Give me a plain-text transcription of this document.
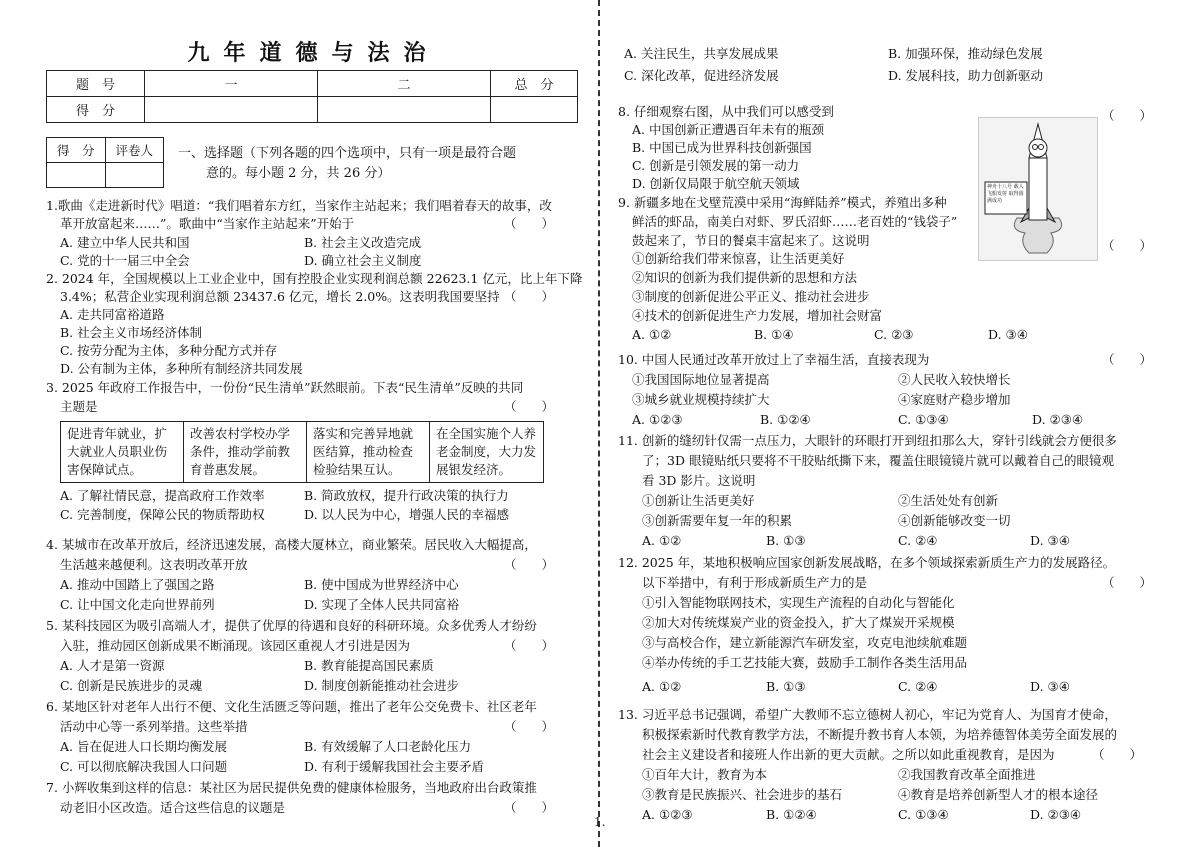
九年道德与法治
题　号	一	二	总　分
得　分			
得　分	评卷人
	一、选择题（下列各题的四个选项中，只有一项是最符合题
意的。每小题 2 分，共 26 分）
1.歌曲《走进新时代》唱道：“我们唱着东方红，当家作主站起来；我们唱着春天的故事，改
革开放富起来……”。歌曲中“当家作主站起来”开始于	（　　）
A. 建立中华人民共和国	B. 社会主义改造完成
C. 党的十一届三中全会	D. 确立社会主义制度
2. 2024 年，全国规模以上工业企业中，国有控股企业实现利润总额 22623.1 亿元，比上年下降
3.4%；私营企业实现利润总额 23437.6 亿元，增长 2.0%。这表明我国要坚持 （　　）
A. 走共同富裕道路
B. 社会主义市场经济体制
C. 按劳分配为主体，多种分配方式并存
D. 公有制为主体，多种所有制经济共同发展
3. 2025 年政府工作报告中，一份份“民生清单”跃然眼前。下表“民生清单”反映的共同
主题是	（　　）
促进青年就业，扩大就业人员职业伤害保障试点。	改善农村学校办学条件，推动学前教育普惠发展。	落实和完善异地就医结算，推动检查检验结果互认。	在全国实施个人养老金制度，大力发展银发经济。
A. 了解社情民意，提高政府工作效率	B. 简政放权，提升行政决策的执行力
C. 完善制度，保障公民的物质帮助权	D. 以人民为中心，增强人民的幸福感
4. 某城市在改革开放后，经济迅速发展，高楼大厦林立，商业繁荣。居民收入大幅提高，
生活越来越便利。这表明改革开放	（　　）
A. 推动中国踏上了强国之路	B. 使中国成为世界经济中心
C. 让中国文化走向世界前列	D. 实现了全体人民共同富裕
5. 某科技园区为吸引高端人才，提供了优厚的待遇和良好的科研环境。众多优秀人才纷纷
入驻，推动园区创新成果不断涌现。该园区重视人才引进是因为	（　　）
A. 人才是第一资源	B. 教育能提高国民素质
C. 创新是民族进步的灵魂	D. 制度创新能推动社会进步
6. 某地区针对老年人出行不便、文化生活匮乏等问题，推出了老年公交免费卡、社区老年
活动中心等一系列举措。这些举措	（　　）
A. 旨在促进人口长期均衡发展	B. 有效缓解了人口老龄化压力
C. 可以彻底解决我国人口问题	D. 有利于缓解我国社会主要矛盾
7. 小辉收集到这样的信息：某社区为居民提供免费的健康体检服务，当地政府出台政策推
动老旧小区改造。适合这些信息的议题是	（　　）
A. 关注民生，共享发展成果	B. 加强环保，推动绿色发展
C. 深化改革，促进经济发展	D. 发展科技，助力创新驱动
8. 仔细观察右图，从中我们可以感受到	（　　）
A. 中国创新正遭遇百年未有的瓶颈
B. 中国已成为世界科技创新强国
C. 创新是引领发展的第一动力
D. 创新仅局限于航空航天领域
9. 新疆多地在戈壁荒漠中采用“海鲜陆养”模式，养殖出多种
鲜活的虾品，南美白对虾、罗氏沼虾……老百姓的“钱袋子”
鼓起来了，节日的餐桌丰富起来了。这说明	（　　）
①创新给我们带来惊喜，让生活更美好
②知识的创新为我们提供新的思想和方法
③制度的创新促进公平正义、推动社会进步
④技术的创新促进生产力发展，增加社会财富
A. ①②	B. ①④	C. ②③	D. ③④
10. 中国人民通过改革开放过上了幸福生活，直接表现为	（　　）
①我国国际地位显著提高	②人民收入较快增长
③城乡就业规模持续扩大	④家庭财产稳步增加
A. ①②③	B. ①②④	C. ①③④	D. ②③④
11. 创新的缝纫针仅需一点压力，大眼针的环眼打开到纽扣那么大，穿针引线就会方便很多
了；3D 眼镜贴纸只要将不干胶贴纸撕下来，覆盖住眼镜镜片就可以戴着自己的眼镜观
看 3D 影片。这说明
①创新让生活更美好	②生活处处有创新
③创新需要年复一年的积累	④创新能够改变一切
A. ①②	B. ①③	C. ②④	D. ③④
12. 2025 年，某地积极响应国家创新发展战略，在多个领域探索新质生产力的发展路径。
以下举措中，有利于形成新质生产力的是	（　　）
①引入智能物联网技术，实现生产流程的自动化与智能化
②加大对传统煤炭产业的资金投入，扩大了煤炭开采规模
③与高校合作，建立新能源汽车研发室，攻克电池续航难题
④举办传统的手工艺技能大赛，鼓励手工制作各类生活用品
A. ①②	B. ①③	C. ②④	D. ③④
13. 习近平总书记强调，希望广大教师不忘立德树人初心，牢记为党育人、为国育才使命，
积极探索新时代教育教学方法，不断提升教书育人本领，为培养德智体美劳全面发展的
社会主义建设者和接班人作出新的更大贡献。之所以如此重视教育，是因为	（　　）
①百年大计，教育为本	②我国教育改革全面推进
③教育是民族振兴、社会进步的基石	④教育是培养创新型人才的根本途径
A. ①②③	B. ①②④	C. ①③④	D. ②③④
神舟十八号 载人飞船发射 取得圆满成功
1.
